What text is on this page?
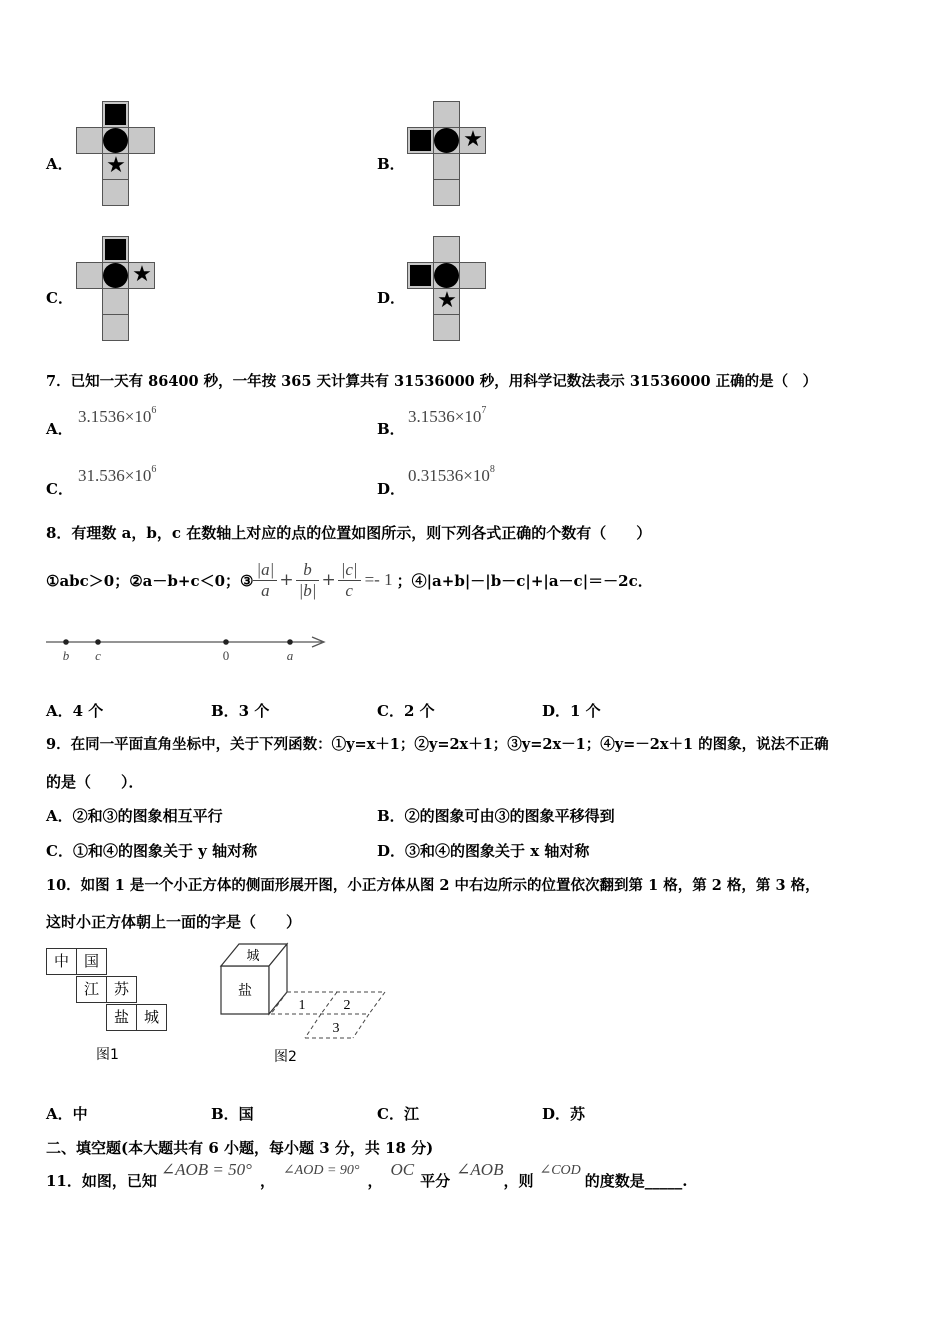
A． ★	B．
★
C．
★
D． ★
7．已知一天有 86400 秒，一年按 365 天计算共有 31536000 秒，用科学记数法表示 31536000 正确的是（　）
A．
$3.1536\times 10^6$
B．
$3.1536\times 10^7$
C．
$31.536\times 10^6$
D．
$0.31536\times 10^8$
8．有理数 a，b，c 在数轴上对应的点的位置如图所示，则下列各式正确的个数有（　　）
①abc＞0；②a－b+c＜0；③ $\frac{|a|}{a} + \frac{b}{|b|} + \frac{|c|}{c} =- 1$ ；④|a+b|－|b－c|+|a－c|＝－2c．
b c	0	a
A．4 个	B．3 个	C．2 个	D．1 个
9．在同一平面直角坐标中，关于下列函数：①y=x＋1；②y=2x＋1；③y=2x－1；④y=－2x＋1 的图象，说法不正确
的是（　　）．
A．②和③的图象相互平行	B．②的图象可由③的图象平移得到
C．①和④的图象关于 y 轴对称	D．③和④的图象关于 x 轴对称
10．如图 1 是一个小正方体的侧面形展开图，小正方体从图 2 中右边所示的位置依次翻到第 1 格，第 2 格，第 3 格，
这时小正方体朝上一面的字是（　　）
中 国
江 苏
盐 城
图1
城
盐
1	2
3
图2
A．中	B．国	C．江	D．苏
二、填空题(本大题共有 6 小题，每小题 3 分，共 18 分)
11．如图，已知
∠AOB = 50°
，
∠AOD = 90°
，
OC
平分
∠AOB
，则
∠COD
的度数是_____.
